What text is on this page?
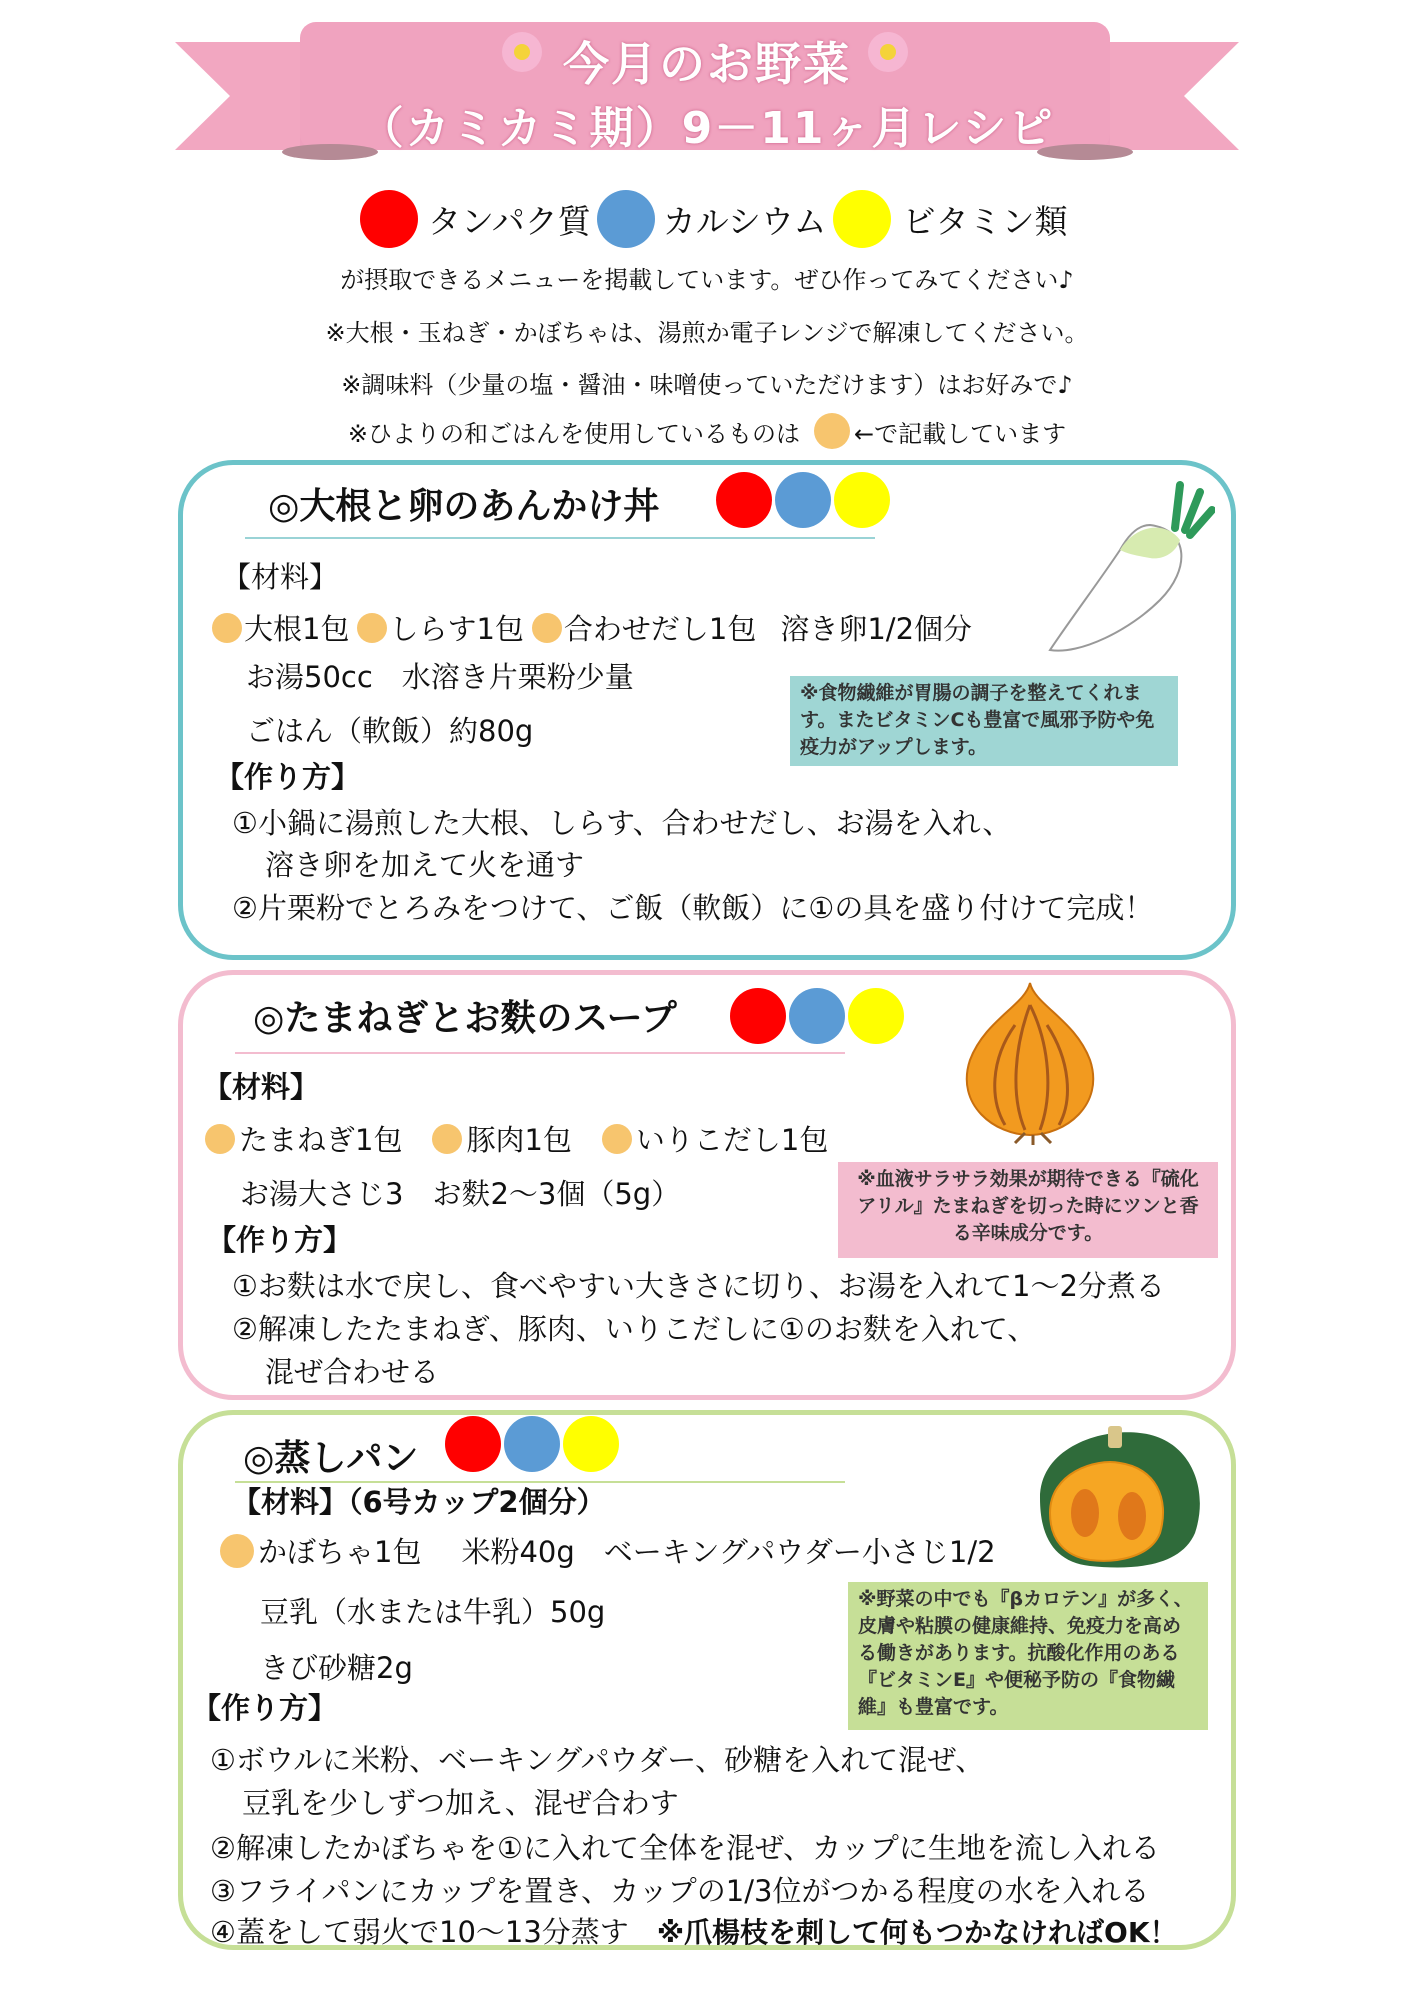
今月のお野菜
（カミカミ期）9－11ヶ月レシピ
タンパク質 カルシウム ビタミン類
が摂取できるメニューを掲載しています。ぜひ作ってみてください♪
※大根・玉ねぎ・かぼちゃは、湯煎か電子レンジで解凍してください。
※調味料（少量の塩・醤油・味噌使っていただけます）はお好みで♪
※ひよりの和ごはんを使用しているものは ←で記載しています
◎大根と卵のあんかけ丼
【材料】
大根1包 しらす1包 合わせだし1包 溶き卵1/2個分
お湯50cc　水溶き片栗粉少量
ごはん（軟飯）約80g
※食物繊維が胃腸の調子を整えてくれます。またビタミンCも豊富で風邪予防や免疫力がアップします。
【作り方】
①小鍋に湯煎した大根、しらす、合わせだし、お湯を入れ、
溶き卵を加えて火を通す
②片栗粉でとろみをつけて、ご飯（軟飯）に①の具を盛り付けて完成！
◎たまねぎとお麩のスープ
【材料】
たまねぎ1包 豚肉1包 いりこだし1包
お湯大さじ3　お麩2～3個（5g）	※血液サラサラ効果が期待できる『硫化アリル』たまねぎを切った時にツンと香る辛味成分です。
【作り方】
①お麩は水で戻し、食べやすい大きさに切り、お湯を入れて1～2分煮る
②解凍したたまねぎ、豚肉、いりこだしに①のお麩を入れて、
混ぜ合わせる
◎蒸しパン
【材料】（6号カップ2個分）
かぼちゃ1包 米粉40g　ベーキングパウダー小さじ1/2
豆乳（水または牛乳）50g	※野菜の中でも『βカロテン』が多く、皮膚や粘膜の健康維持、免疫力を高める働きがあります。抗酸化作用のある『ビタミンE』や便秘予防の『食物繊維』も豊富です。
きび砂糖2g
【作り方】
①ボウルに米粉、ベーキングパウダー、砂糖を入れて混ぜ、
豆乳を少しずつ加え、混ぜ合わす
②解凍したかぼちゃを①に入れて全体を混ぜ、カップに生地を流し入れる
③フライパンにカップを置き、カップの1/3位がつかる程度の水を入れる
④蓋をして弱火で10～13分蒸す ※爪楊枝を刺して何もつかなければOK！
